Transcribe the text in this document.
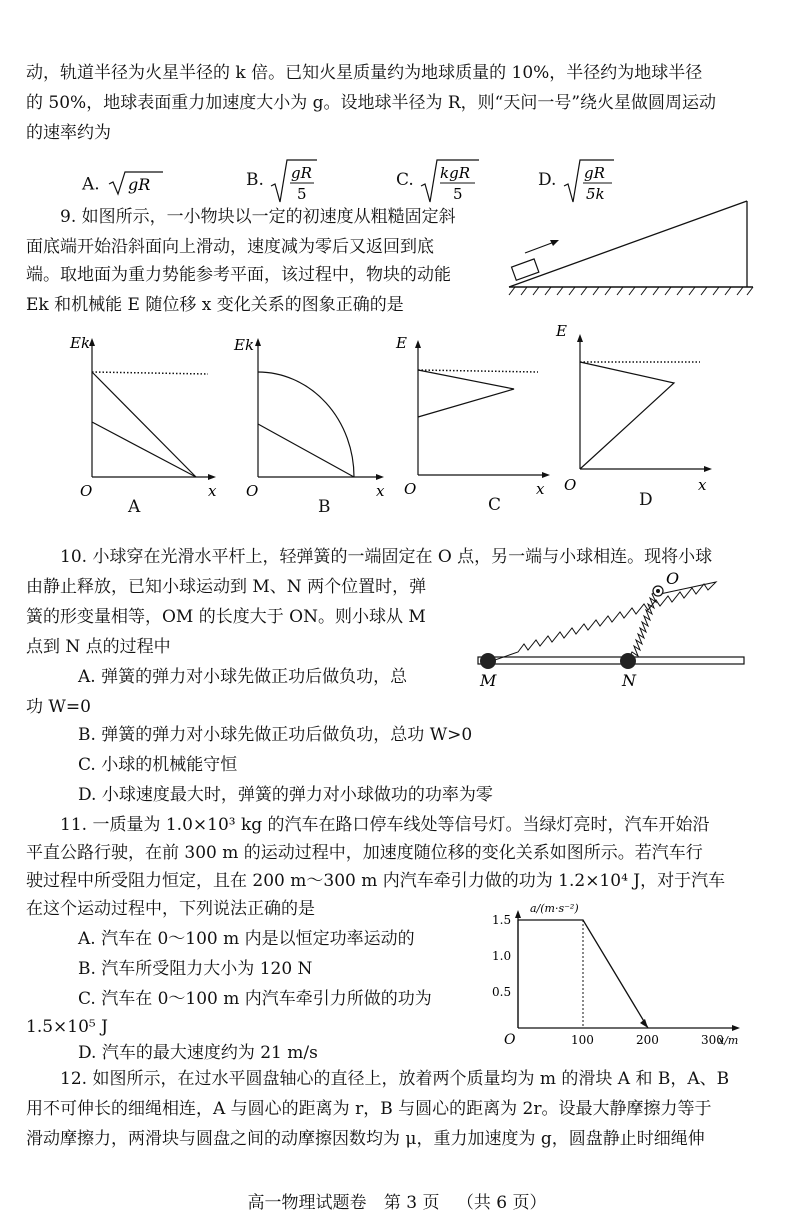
动，轨道半径为火星半径的 k 倍。已知火星质量约为地球质量的 10%，半径约为地球半径
的 50%，地球表面重力加速度大小为 g。设地球半径为 R，则“天问一号”绕火星做圆周运动
的速率约为
A. gR	B. gR
5
C. kgR
5
D. gR
5k
9. 如图所示，一小物块以一定的初速度从粗糙固定斜
面底端开始沿斜面向上滑动，速度减为零后又返回到底
端。取地面为重力势能参考平面，该过程中，物块的动能
Ek 和机械能 E 随位移 x 变化关系的图象正确的是
Ek
O	x
A
Ek
O	x
B
E
O	x
C
E
O	x
D
10. 小球穿在光滑水平杆上，轻弹簧的一端固定在 O 点，另一端与小球相连。现将小球
由静止释放，已知小球运动到 M、N 两个位置时，弹
簧的形变量相等，OM 的长度大于 ON。则小球从 M
点到 N 点的过程中
A. 弹簧的弹力对小球先做正功后做负功，总
功 W=0
B. 弹簧的弹力对小球先做正功后做负功，总功 W>0
C. 小球的机械能守恒
D. 小球速度最大时，弹簧的弹力对小球做功的功率为零
O
M	N
11. 一质量为 1.0×10³ kg 的汽车在路口停车线处等信号灯。当绿灯亮时，汽车开始沿
平直公路行驶，在前 300 m 的运动过程中，加速度随位移的变化关系如图所示。若汽车行
驶过程中所受阻力恒定，且在 200 m～300 m 内汽车牵引力做的功为 1.2×10⁴ J，对于汽车
在这个运动过程中，下列说法正确的是
A. 汽车在 0～100 m 内是以恒定功率运动的
B. 汽车所受阻力大小为 120 N
C. 汽车在 0～100 m 内汽车牵引力所做的功为
1.5×10⁵ J
D. 汽车的最大速度约为 21 m/s
0.5
1.0
1.5
100	200	300
a/(m·s⁻²)
x/m
O
12. 如图所示，在过水平圆盘轴心的直径上，放着两个质量均为 m 的滑块 A 和 B，A、B
用不可伸长的细绳相连，A 与圆心的距离为 r，B 与圆心的距离为 2r。设最大静摩擦力等于
滑动摩擦力，两滑块与圆盘之间的动摩擦因数均为 μ，重力加速度为 g，圆盘静止时细绳伸
高一物理试题卷 第 3 页 （共 6 页）
